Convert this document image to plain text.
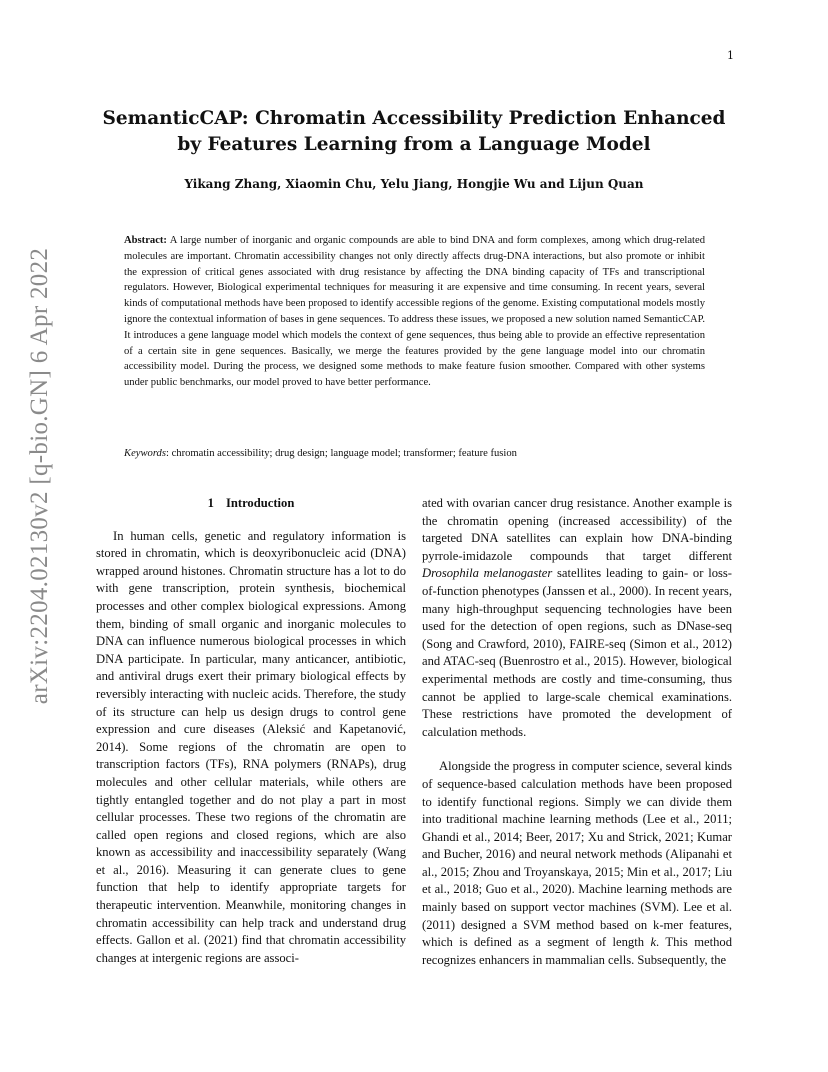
1
arXiv:2204.02130v2 [q-bio.GN] 6 Apr 2022
SemanticCAP: Chromatin Accessibility Prediction Enhanced by Features Learning from a Language Model
Yikang Zhang, Xiaomin Chu, Yelu Jiang, Hongjie Wu and Lijun Quan

Abstract: A large number of inorganic and organic compounds are able to bind DNA and form complexes, among which drug-related molecules are important. Chromatin accessibility changes not only directly affects drug-DNA interactions, but also promote or inhibit the expression of critical genes associated with drug resistance by affecting the DNA binding capacity of TFs and transcriptional regulators. However, Biological experimental techniques for measuring it are expensive and time consuming. In recent years, several kinds of computational methods have been proposed to identify accessible regions of the genome. Existing computational models mostly ignore the contextual information of bases in gene sequences. To address these issues, we proposed a new solution named SemanticCAP. It introduces a gene language model which models the context of gene sequences, thus being able to provide an effective representation of a certain site in gene sequences. Basically, we merge the features provided by the gene language model into our chromatin accessibility model. During the process, we designed some methods to make feature fusion smoother. Compared with other systems under public benchmarks, our model proved to have better performance.

Keywords: chromatin accessibility; drug design; language model; transformer; feature fusion

1 Introduction

In human cells, genetic and regulatory information is stored in chromatin, which is deoxyribonucleic acid (DNA) wrapped around histones. Chromatin structure has a lot to do with gene transcription, protein synthesis, biochemical processes and other complex biological expressions. Among them, binding of small organic and inorganic molecules to DNA can influence numerous biological processes in which DNA participate. In particular, many anticancer, antibiotic, and antiviral drugs exert their primary biological effects by reversibly interacting with nucleic acids. Therefore, the study of its structure can help us design drugs to control gene expression and cure diseases (Aleksić and Kapetanović, 2014). Some regions of the chromatin are open to transcription factors (TFs), RNA polymers (RNAPs), drug molecules and other cellular materials, while others are tightly entangled together and do not play a part in most cellular processes. These two regions of the chromatin are called open regions and closed regions, which are also known as accessibility and inaccessibility separately (Wang et al., 2016). Measuring it can generate clues to gene function that help to identify appropriate targets for therapeutic intervention. Meanwhile, monitoring changes in chromatin accessibility can help track and understand drug effects. Gallon et al. (2021) find that chromatin accessibility changes at intergenic regions are associ-

ated with ovarian cancer drug resistance. Another example is the chromatin opening (increased accessibility) of the targeted DNA satellites can explain how DNA-binding pyrrole-imidazole compounds that target different Drosophila melanogaster satellites leading to gain- or loss-of-function phenotypes (Janssen et al., 2000). In recent years, many high-throughput sequencing technologies have been used for the detection of open regions, such as DNase-seq (Song and Crawford, 2010), FAIRE-seq (Simon et al., 2012) and ATAC-seq (Buenrostro et al., 2015). However, biological experimental methods are costly and time-consuming, thus cannot be applied to large-scale chemical examinations. These restrictions have promoted the development of calculation methods.

Alongside the progress in computer science, several kinds of sequence-based calculation methods have been proposed to identify functional regions. Simply we can divide them into traditional machine learning methods (Lee et al., 2011; Ghandi et al., 2014; Beer, 2017; Xu and Strick, 2021; Kumar and Bucher, 2016) and neural network methods (Alipanahi et al., 2015; Zhou and Troyanskaya, 2015; Min et al., 2017; Liu et al., 2018; Guo et al., 2020). Machine learning methods are mainly based on support vector machines (SVM). Lee et al. (2011) designed a SVM method based on k-mer features, which is defined as a segment of length k. This method recognizes enhancers in mammalian cells. Subsequently, the
